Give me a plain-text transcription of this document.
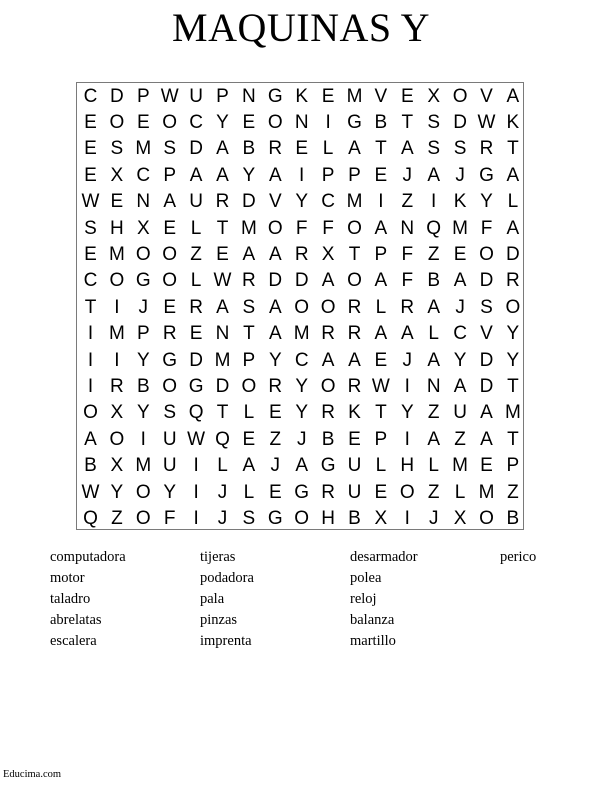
MAQUINAS Y
C D P W U P N G K E M V E X O V A
E O E O C Y E O N I G B T S D W K
E S M S D A B R E L A T A S S R T
E X C P A A Y A I P P E J A J G A
W E N A U R D V Y C M I Z I K Y L
S H X E L T M O F F O A N Q M F A
E M O O Z E A A R X T P F Z E O D
C O G O L W R D D A O A F B A D R
T I	J E R A S A O O R L R A J S O
I M P R E N T A M R R A A L C V Y
I	I Y G D M P Y C A A E J A Y D Y
I R B O G D O R Y O R W I N A D T
O X Y S Q T L E Y R K T Y Z U A M
A O I U W Q E Z J B E P I A Z A T
B X M U I L A J A G U L H L M E P
W Y O Y I	J L E G R U E O Z L M Z
Q Z O F I	J S G O H B X I	J X O B
computadora
motor
taladro
abrelatas
escalera
tijeras
podadora
pala
pinzas
imprenta
desarmador
polea
reloj
balanza
martillo
perico
Educima.com
